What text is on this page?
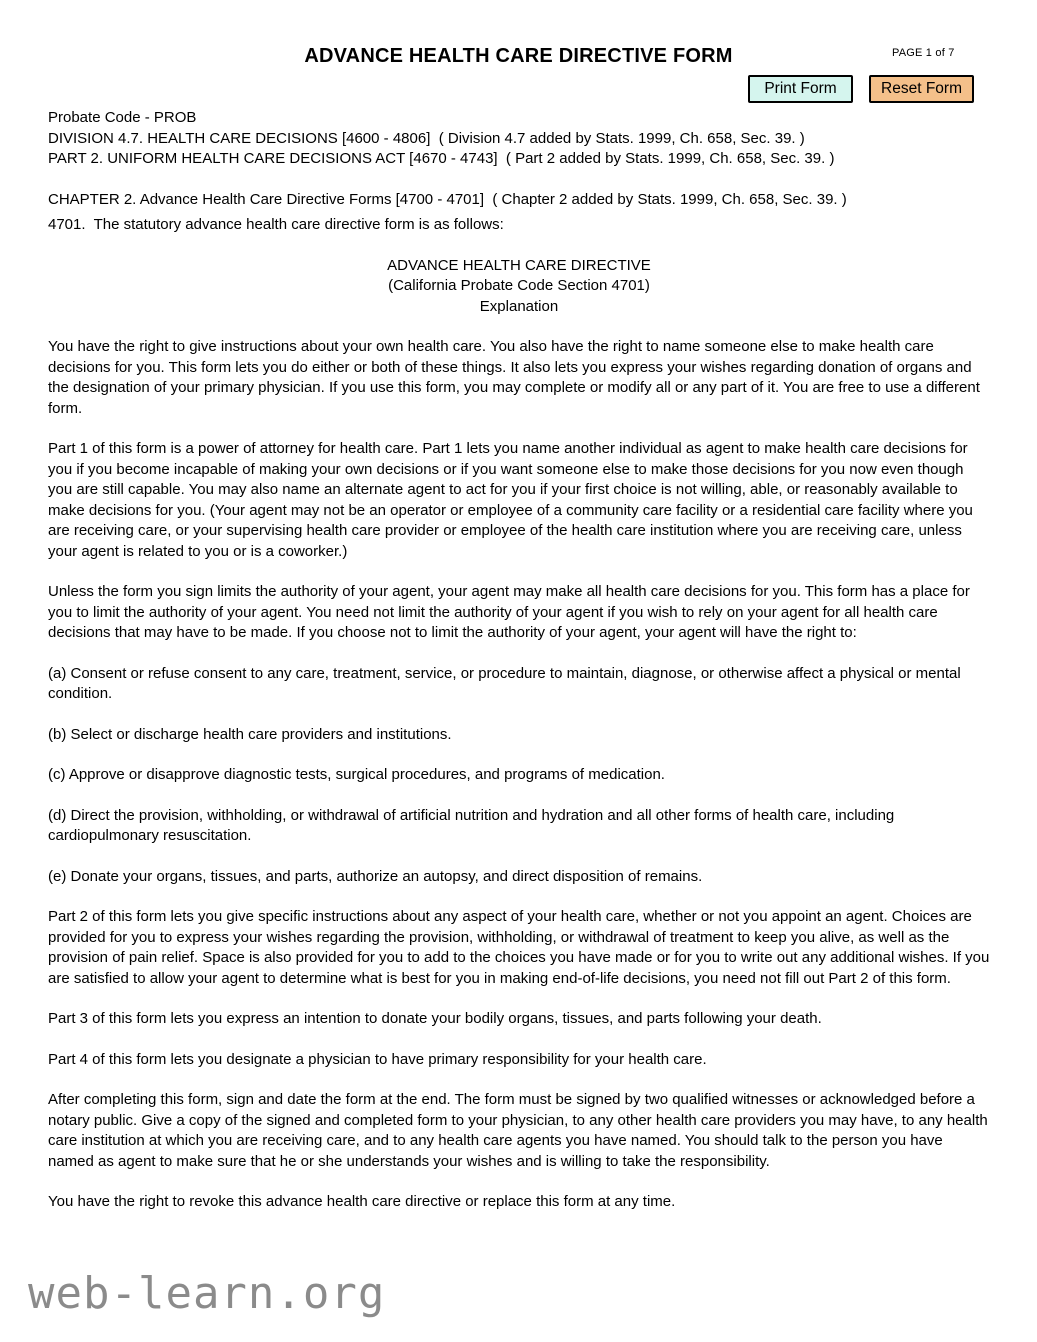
ADVANCE HEALTH CARE DIRECTIVE FORM	PAGE 1 of 7
Print Form	Reset Form
Probate Code - PROB
DIVISION 4.7. HEALTH CARE DECISIONS [4600 - 4806]  ( Division 4.7 added by Stats. 1999, Ch. 658, Sec. 39. )
PART 2. UNIFORM HEALTH CARE DECISIONS ACT [4670 - 4743]  ( Part 2 added by Stats. 1999, Ch. 658, Sec. 39. )
CHAPTER 2. Advance Health Care Directive Forms [4700 - 4701]  ( Chapter 2 added by Stats. 1999, Ch. 658, Sec. 39. )
4701.  The statutory advance health care directive form is as follows:
ADVANCE HEALTH CARE DIRECTIVE
(California Probate Code Section 4701)
Explanation

You have the right to give instructions about your own health care. You also have the right to name someone else to make health care decisions for you. This form lets you do either or both of these things. It also lets you express your wishes regarding donation of organs and the designation of your primary physician. If you use this form, you may complete or modify all or any part of it. You are free to use a different form.

Part 1 of this form is a power of attorney for health care. Part 1 lets you name another individual as agent to make health care decisions for you if you become incapable of making your own decisions or if you want someone else to make those decisions for you now even though you are still capable. You may also name an alternate agent to act for you if your first choice is not willing, able, or reasonably available to make decisions for you. (Your agent may not be an operator or employee of a community care facility or a residential care facility where you are receiving care, or your supervising health care provider or employee of the health care institution where you are receiving care, unless your agent is related to you or is a coworker.)

Unless the form you sign limits the authority of your agent, your agent may make all health care decisions for you. This form has a place for you to limit the authority of your agent. You need not limit the authority of your agent if you wish to rely on your agent for all health care decisions that may have to be made. If you choose not to limit the authority of your agent, your agent will have the right to:

(a) Consent or refuse consent to any care, treatment, service, or procedure to maintain, diagnose, or otherwise affect a physical or mental condition.

(b) Select or discharge health care providers and institutions.

(c) Approve or disapprove diagnostic tests, surgical procedures, and programs of medication.

(d) Direct the provision, withholding, or withdrawal of artificial nutrition and hydration and all other forms of health care, including cardiopulmonary resuscitation.

(e) Donate your organs, tissues, and parts, authorize an autopsy, and direct disposition of remains.

Part 2 of this form lets you give specific instructions about any aspect of your health care, whether or not you appoint an agent. Choices are provided for you to express your wishes regarding the provision, withholding, or withdrawal of treatment to keep you alive, as well as the provision of pain relief. Space is also provided for you to add to the choices you have made or for you to write out any additional wishes. If you are satisfied to allow your agent to determine what is best for you in making end-of-life decisions, you need not fill out Part 2 of this form.

Part 3 of this form lets you express an intention to donate your bodily organs, tissues, and parts following your death.

Part 4 of this form lets you designate a physician to have primary responsibility for your health care.

After completing this form, sign and date the form at the end. The form must be signed by two qualified witnesses or acknowledged before a notary public. Give a copy of the signed and completed form to your physician, to any other health care providers you may have, to any health care institution at which you are receiving care, and to any health care agents you have named. You should talk to the person you have named as agent to make sure that he or she understands your wishes and is willing to take the responsibility.

You have the right to revoke this advance health care directive or replace this form at any time.

web-learn.org
